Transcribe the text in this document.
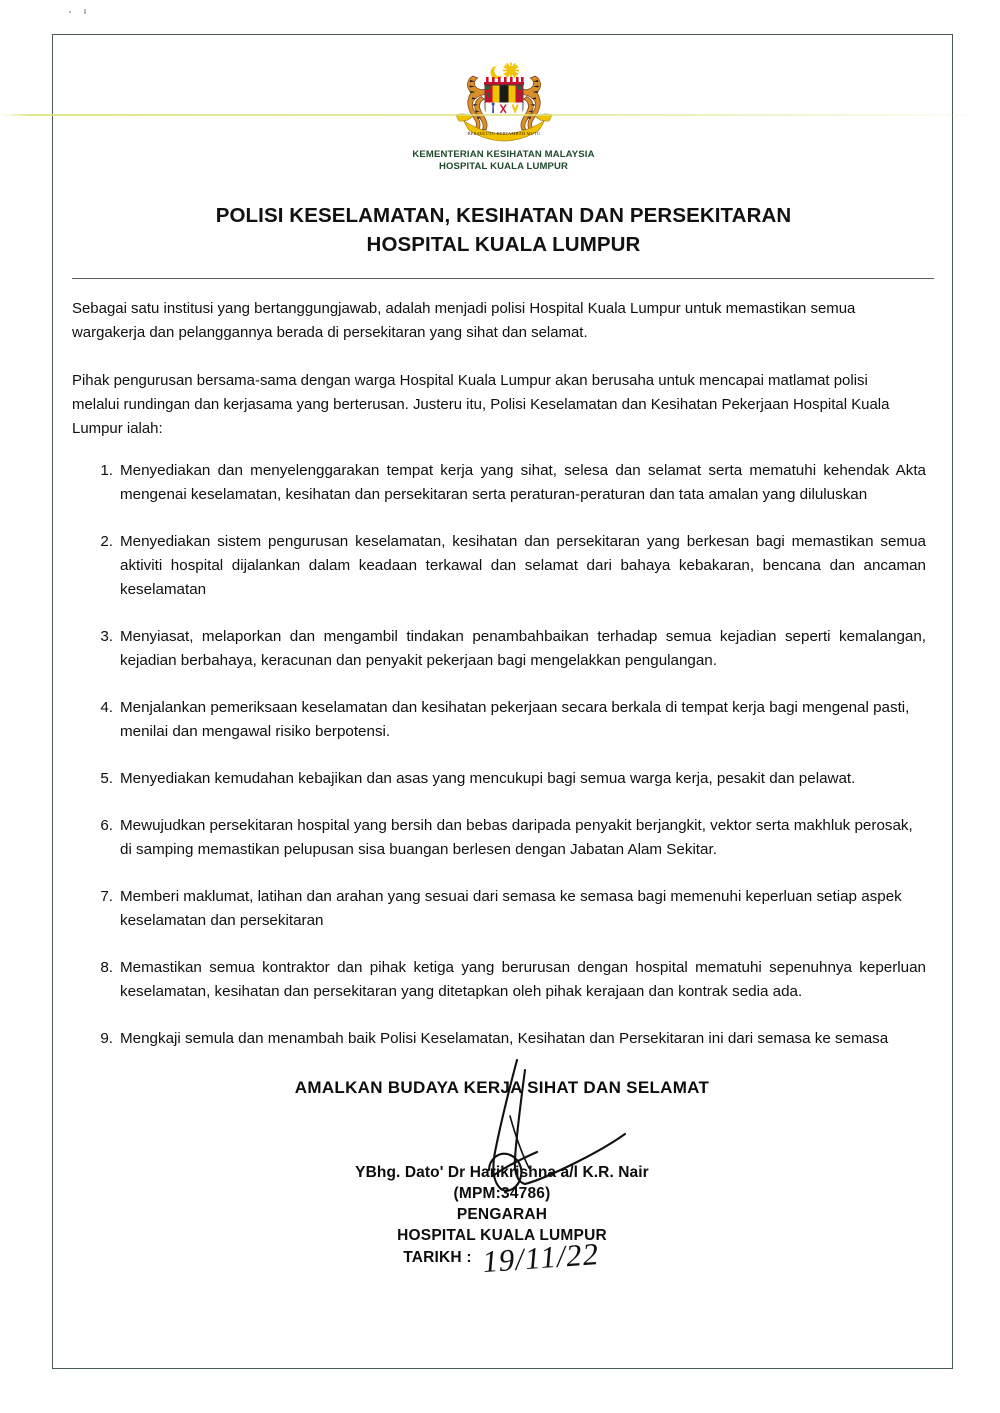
BERSEKUTU BERTAMBAH MUTU
KEMENTERIAN KESIHATAN MALAYSIA
HOSPITAL KUALA LUMPUR
POLISI KESELAMATAN, KESIHATAN DAN PERSEKITARAN
HOSPITAL KUALA LUMPUR

Sebagai satu institusi yang bertanggungjawab, adalah menjadi polisi Hospital Kuala Lumpur untuk memastikan semua wargakerja dan pelanggannya berada di persekitaran yang sihat dan selamat.

Pihak pengurusan bersama-sama dengan warga Hospital Kuala Lumpur akan berusaha untuk mencapai matlamat polisi melalui rundingan dan kerjasama yang berterusan. Justeru itu, Polisi Keselamatan dan Kesihatan Pekerjaan Hospital Kuala Lumpur ialah:

Menyediakan dan menyelenggarakan tempat kerja yang sihat, selesa dan selamat serta mematuhi kehendak Akta mengenai keselamatan, kesihatan dan persekitaran serta peraturan-peraturan dan tata amalan yang diluluskan
Menyediakan sistem pengurusan keselamatan, kesihatan dan persekitaran yang berkesan bagi memastikan semua aktiviti hospital dijalankan dalam keadaan terkawal dan selamat dari bahaya kebakaran, bencana dan ancaman keselamatan
Menyiasat, melaporkan dan mengambil tindakan penambahbaikan terhadap semua kejadian seperti kemalangan, kejadian berbahaya, keracunan dan penyakit pekerjaan bagi mengelakkan pengulangan.
Menjalankan pemeriksaan keselamatan dan kesihatan pekerjaan secara berkala di tempat kerja bagi mengenal pasti, menilai dan mengawal risiko berpotensi.
Menyediakan kemudahan kebajikan dan asas yang mencukupi bagi semua warga kerja, pesakit dan pelawat.
Mewujudkan persekitaran hospital yang bersih dan bebas daripada penyakit berjangkit, vektor serta makhluk perosak, di samping memastikan pelupusan sisa buangan berlesen dengan Jabatan Alam Sekitar.
Memberi maklumat, latihan dan arahan yang sesuai dari semasa ke semasa bagi memenuhi keperluan setiap aspek keselamatan dan persekitaran
Memastikan semua kontraktor dan pihak ketiga yang berurusan dengan hospital mematuhi sepenuhnya keperluan keselamatan, kesihatan dan persekitaran yang ditetapkan oleh pihak kerajaan dan kontrak sedia ada.
Mengkaji semula dan menambah baik Polisi Keselamatan, Kesihatan dan Persekitaran ini dari semasa ke semasa
AMALKAN BUDAYA KERJA SIHAT DAN SELAMAT
YBhg. Dato' Dr Harikrishna a/l K.R. Nair
(MPM:34786)
PENGARAH
HOSPITAL KUALA LUMPUR
TARIKH : 19/11/22
